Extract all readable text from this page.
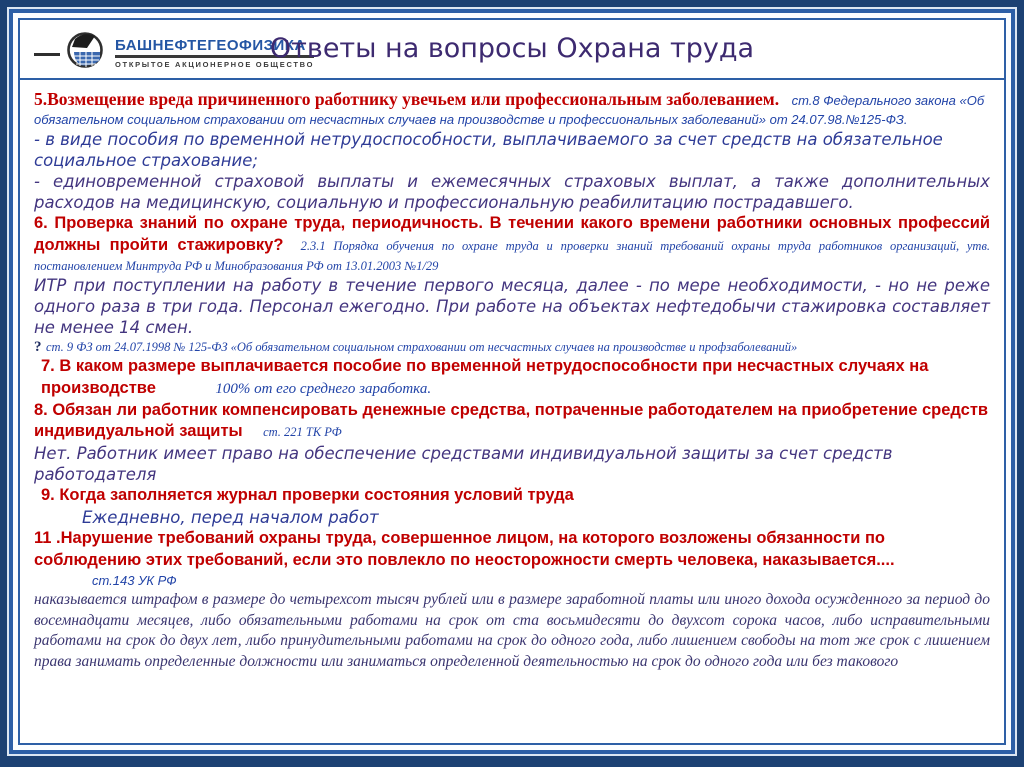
БАШНЕФТЕГЕОФИЗИКА
ОТКРЫТОЕ АКЦИОНЕРНОЕ ОБЩЕСТВО
Ответы на вопросы Охрана труда

5.Возмещение вреда причиненного работнику увечьем или профессиональным заболеванием. ст.8 Федерального закона «Об обязательном социальном страховании от несчастных случаев на производстве и профессиональных заболеваний» от 24.07.98.№125-ФЗ.

- в виде пособия по временной нетрудоспособности, выплачиваемого за счет средств на обязательное социальное страхование;

- единовременной страховой выплаты и ежемесячных страховых выплат, а также дополнительных расходов на медицинскую, социальную и профессиональную реабилитацию пострадавшего.

6. Проверка знаний по охране труда, периодичность. В течении какого времени работники основных профессий должны пройти стажировку? 2.3.1 Порядка обучения по охране труда и проверки знаний требований охраны труда работников организаций, утв. постановлением Минтруда РФ и Минобразования РФ от 13.01.2003 №1/29

ИТР при поступлении на работу в течение первого месяца, далее - по мере необходимости, - но не реже одного раза в три года. Персонал ежегодно. При работе на объектах нефтедобычи стажировка составляет не менее 14 смен.

? ст. 9 ФЗ от 24.07.1998 № 125-ФЗ «Об обязательном социальном страховании от несчастных случаев на производстве и профзаболеваний»

7. В каком размере выплачивается пособие по временной нетрудоспособности при несчастных случаях на производстве	100% от его среднего заработка.

8. Обязан ли работник компенсировать денежные средства, потраченные работодателем на приобретение средств индивидуальной защиты ст. 221 ТК РФ

Нет. Работник имеет право на обеспечение средствами индивидуальной защиты за счет средств работодателя

9. Когда заполняется журнал проверки состояния условий труда

Ежедневно, перед началом работ

11 .Нарушение требований охраны труда, совершенное лицом, на которого возложены обязанности по соблюдению этих требований, если это повлекло по неосторожности смерть человека, наказывается.... ст.143 УК РФ

наказывается штрафом в размере до четырехсот тысяч рублей или в размере заработной платы или иного дохода осужденного за период до восемнадцати месяцев, либо обязательными работами на срок от ста восьмидесяти до двухсот сорока часов, либо исправительными работами на срок до двух лет, либо принудительными работами на срок до одного года, либо лишением свободы на тот же срок с лишением права занимать определенные должности или заниматься определенной деятельностью на срок до одного года или без такового
